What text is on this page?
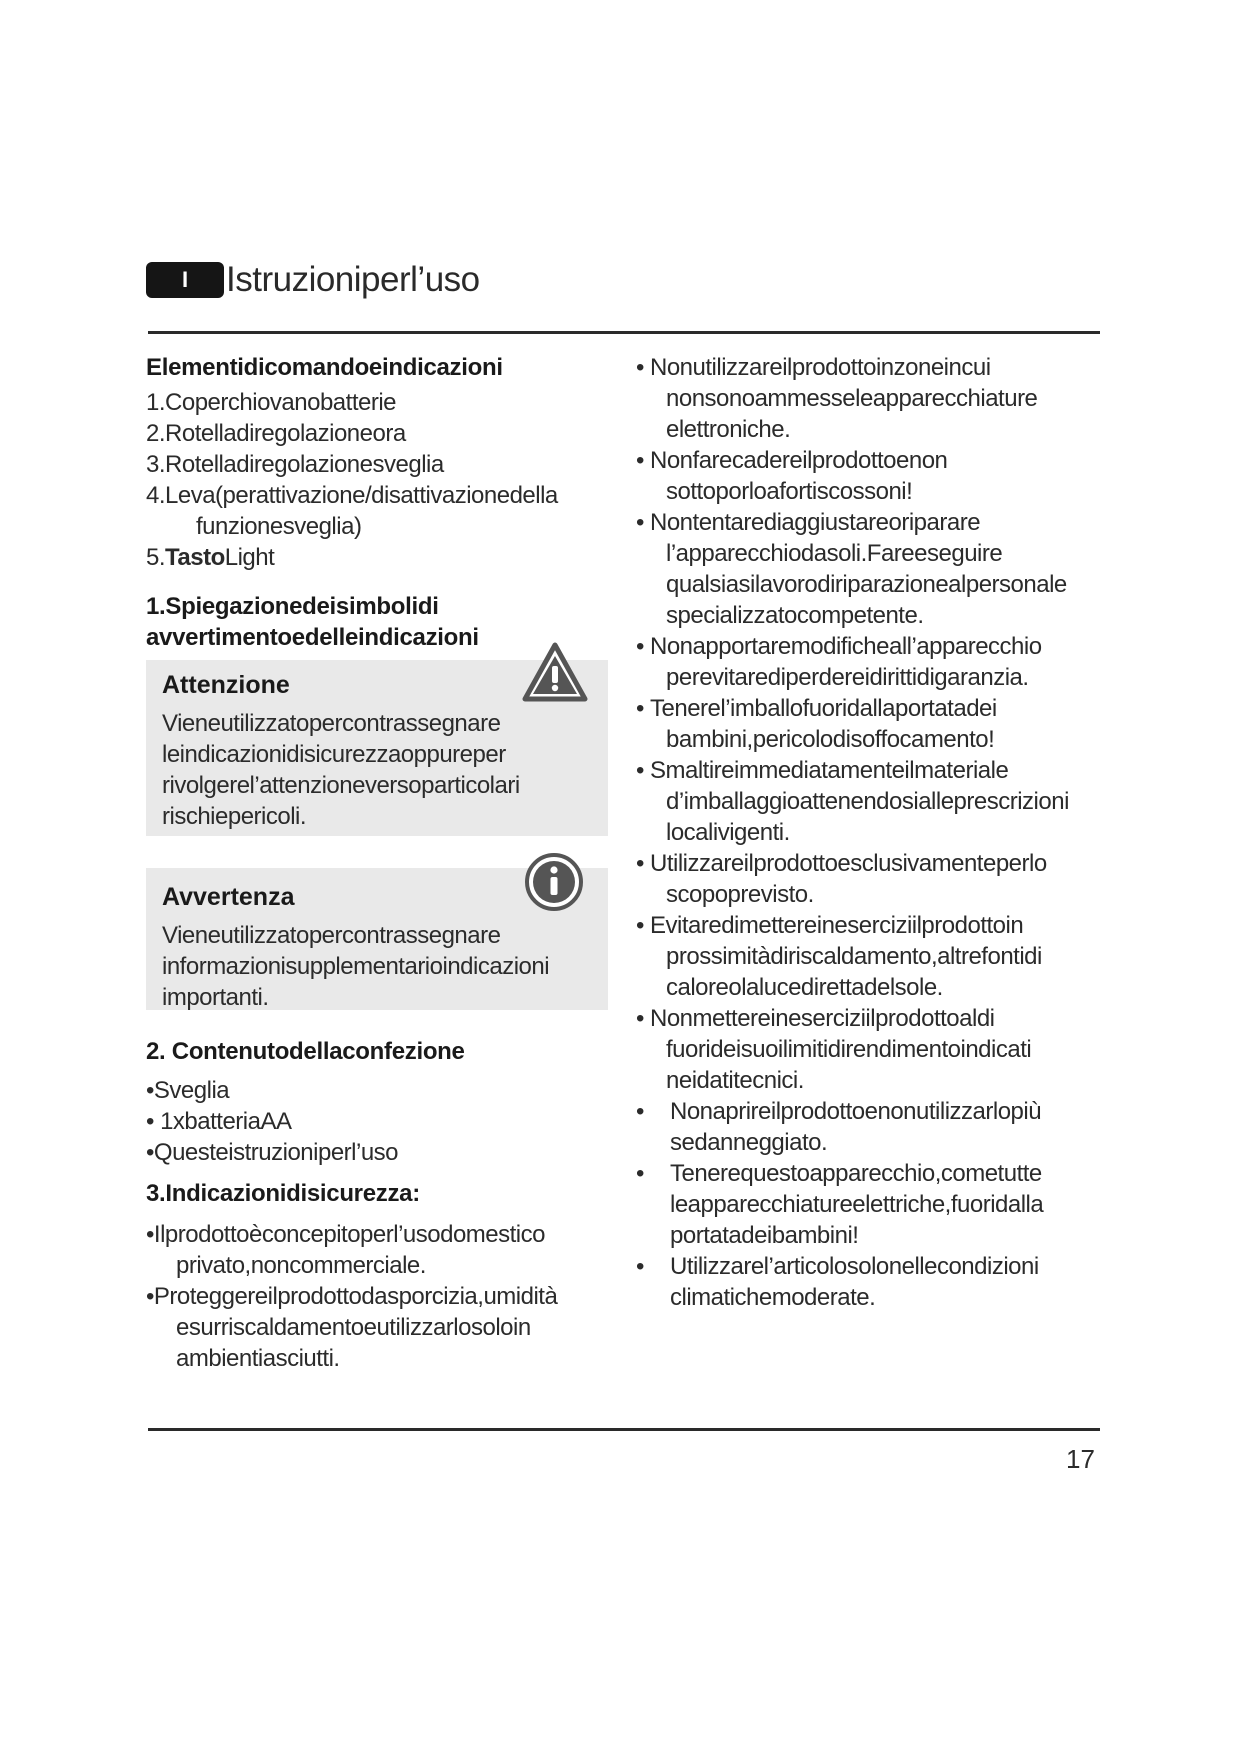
I	Istruzioniperl’uso
Elementidicomandoeindicazioni

1.Coperchiovanobatterie

2.Rotelladiregolazioneora

3.Rotelladiregolazionesveglia

4.Leva(perattivazione/disattivazionedella

funzionesveglia)

5.TastoLight

1.Spiegazionedeisimbolidi
avvertimentoedelleindicazioni
Attenzione

Vieneutilizzatopercontrassegnare

leindicazionidisicurezzaoppureper

rivolgerel’attenzioneversoparticolari

rischiepericoli.

Avvertenza

Vieneutilizzatopercontrassegnare

informazionisupplementarioindicazioni

importanti.

2. Contenutodellaconfezione

•Sveglia

• 1xbatteriaAA

•Questeistruzioniperl’uso

3.Indicazionidisicurezza:

•Ilprodottoèconcepitoperl’usodomestico

privato,noncommerciale.

•Proteggereilprodottodasporcizia,umidità

esurriscaldamentoeutilizzarlosoloin

ambientiasciutti.

• Nonutilizzareilprodottoinzoneincui

nonsonoammesseleapparecchiature

elettroniche.

• Nonfarecadereilprodottoenon

sottoporloafortiscossoni!

• Nontentarediaggiustareoriparare

l’apparecchiodasoli.Fareeseguire

qualsiasilavorodiriparazionealpersonale

specializzatocompetente.

• Nonapportaremodificheall’apparecchio

perevitarediperdereidirittidigaranzia.

• Tenerel’imballofuoridallaportatadei

bambini,pericolodisoffocamento!

• Smaltireimmediatamenteilmateriale

d’imballaggioattenendosialleprescrizioni

localivigenti.

• Utilizzareilprodottoesclusivamenteperlo

scopoprevisto.

• Evitaredimettereineserciziilprodottoin

prossimitàdiriscaldamento,altrefontidi

caloreolalucedirettadelsole.

• Nonmettereineserciziilprodottoaldi

fuorideisuoilimitidirendimentoindicati

neidatitecnici.

• Nonaprireilprodottoenonutilizzarlopiù

sedanneggiato.

• Tenerequestoapparecchio,cometutte

leapparecchiatureelettriche,fuoridalla

portatadeibambini!

• Utilizzarel’articolosolonellecondizioni

climatichemoderate.

17
